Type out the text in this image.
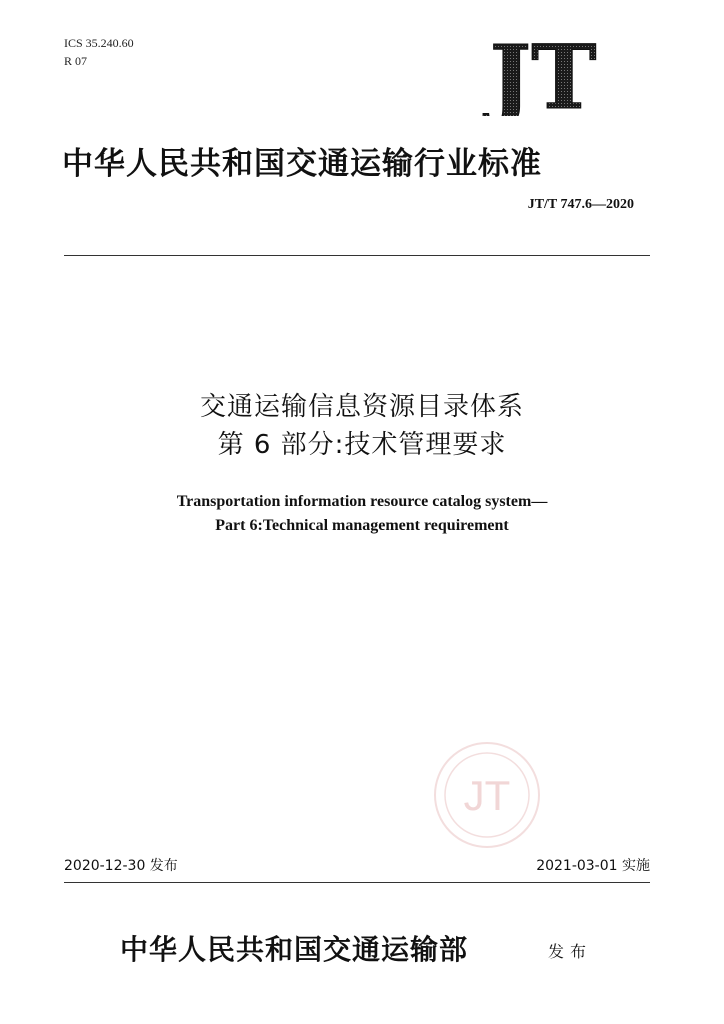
ICS 35.240.60
R 07	JT
中华人民共和国交通运输行业标准
JT/T 747.6—2020
交通运输信息资源目录体系
第 6 部分:技术管理要求
Transportation information resource catalog system—
Part 6:Technical management requirement
JT
2020-12-30 发布	2021-03-01 实施
中华人民共和国交通运输部	发布
